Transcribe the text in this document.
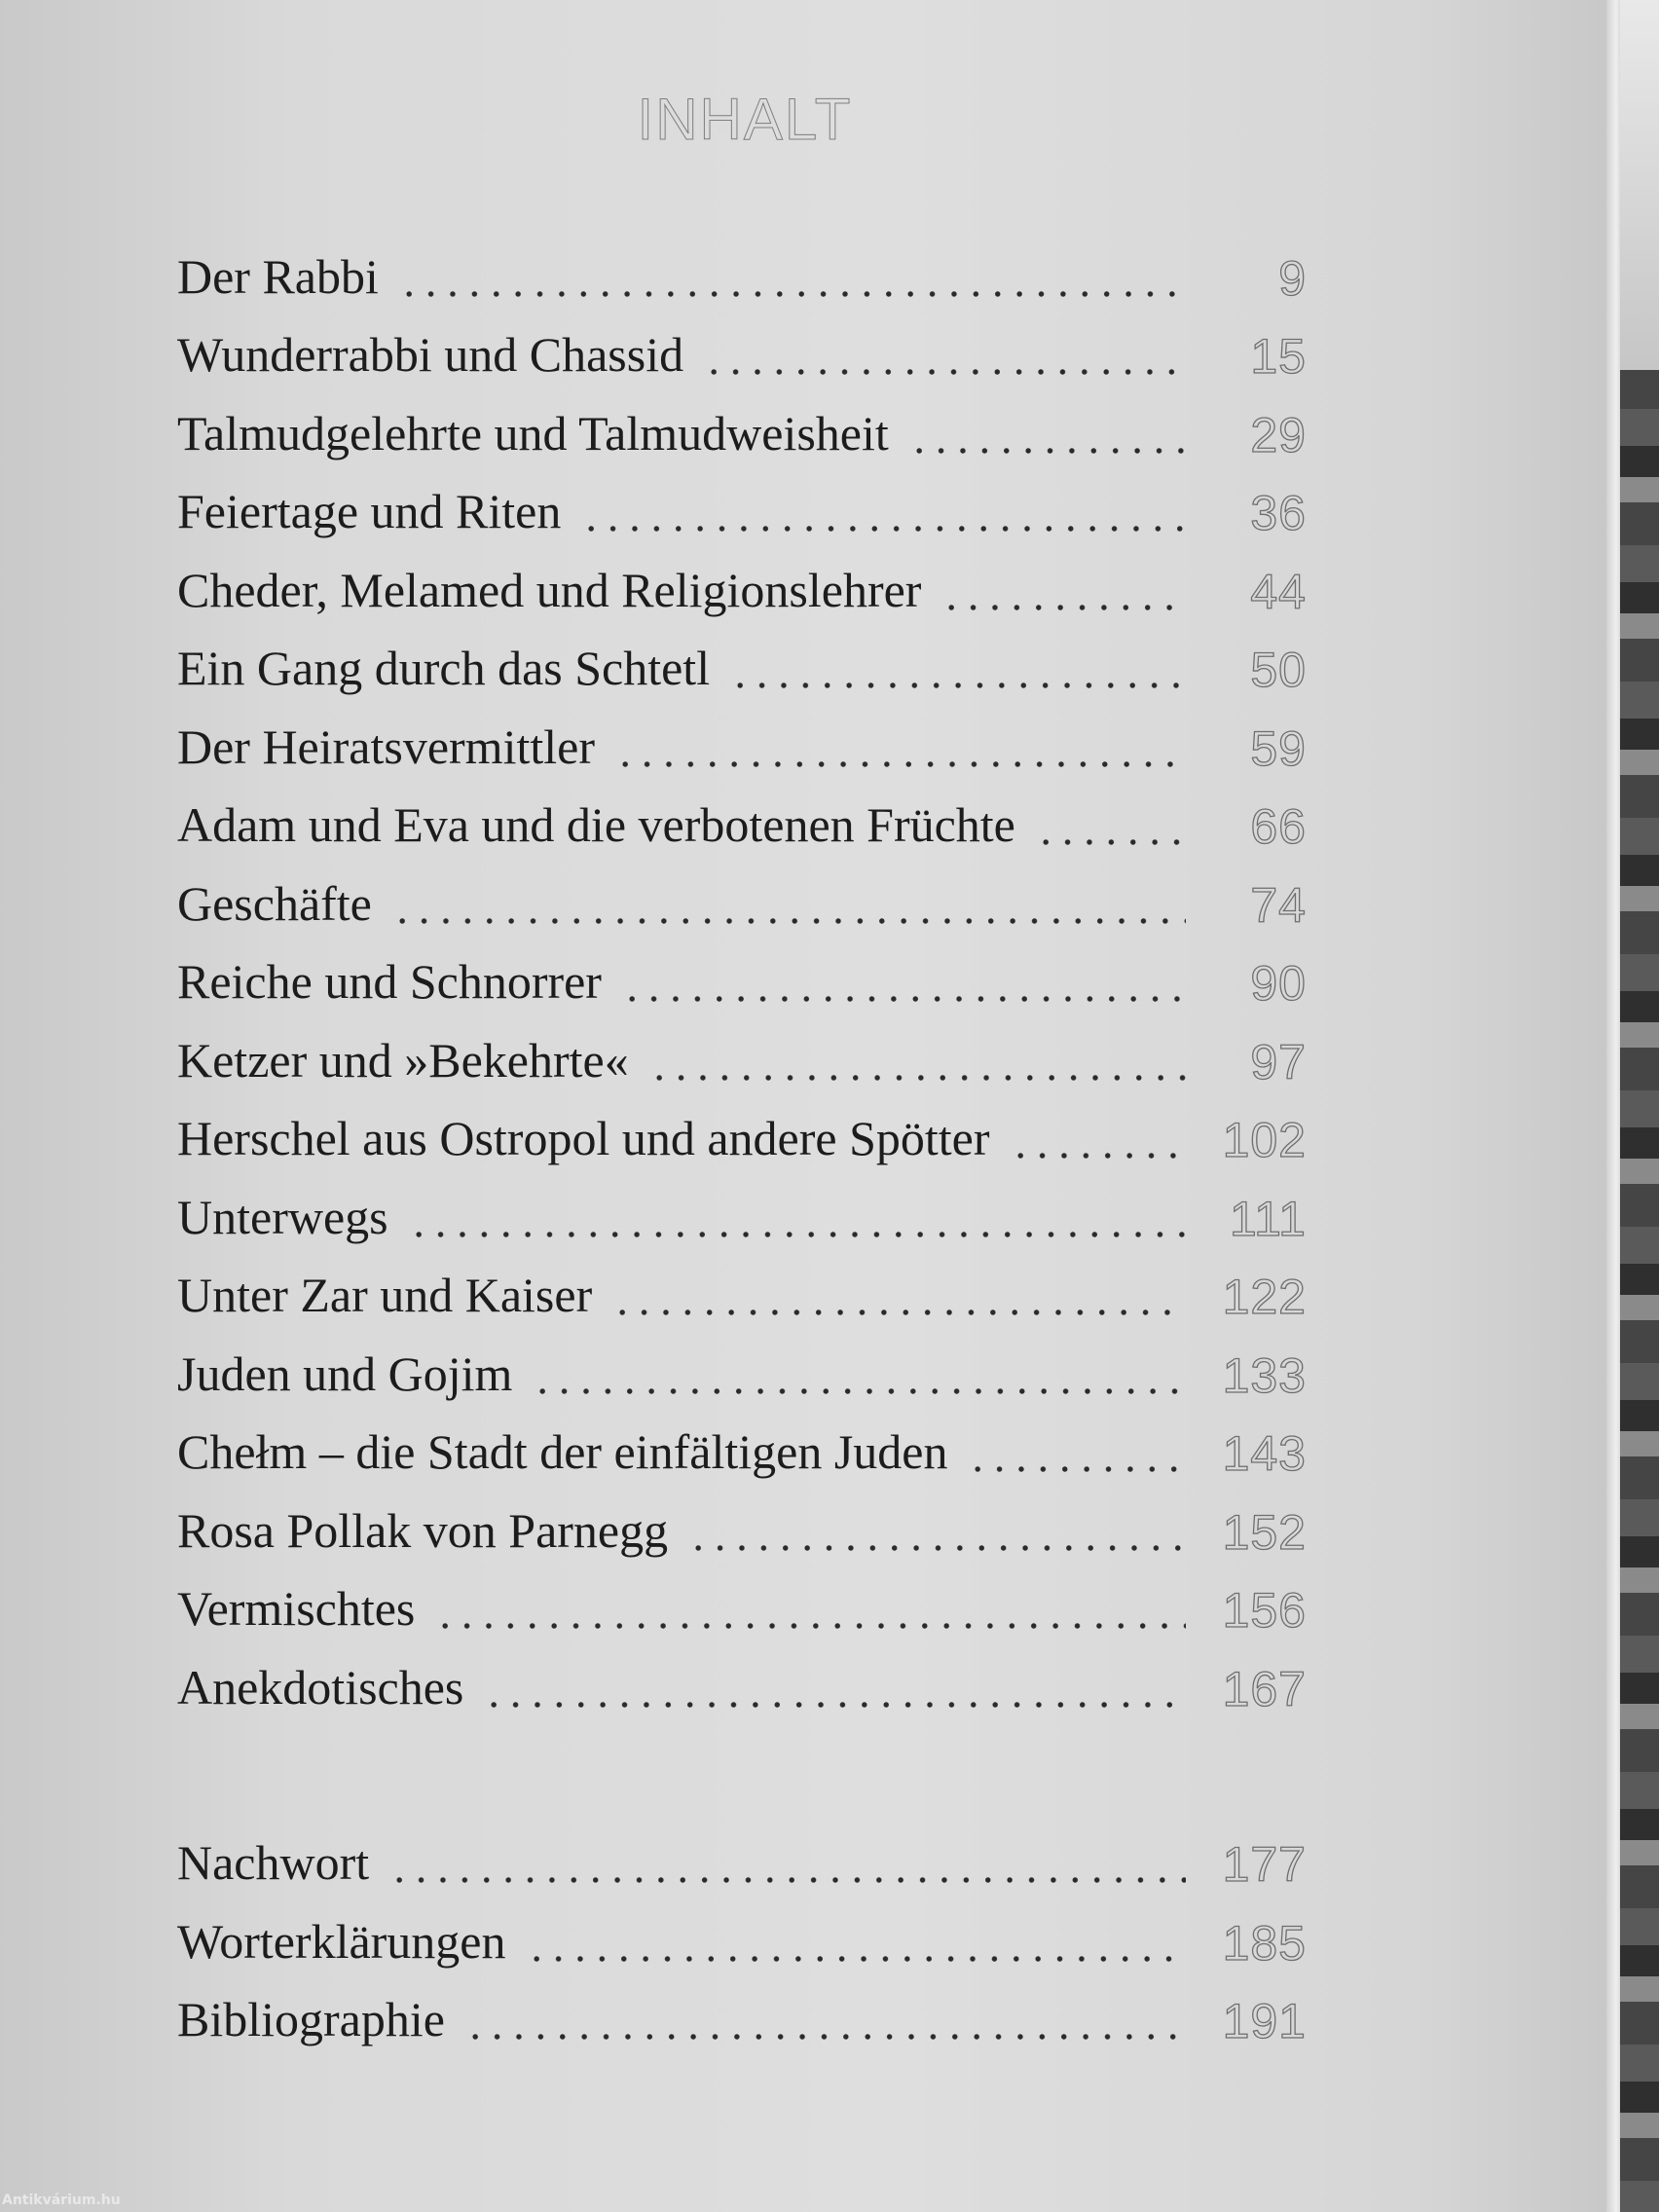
INHALT
Der Rabbi	9
Wunderrabbi und Chassid	15
Talmudgelehrte und Talmudweisheit	29
Feiertage und Riten	36
Cheder, Melamed und Religionslehrer	44
Ein Gang durch das Schtetl	50
Der Heiratsvermittler	59
Adam und Eva und die verbotenen Früchte	66
Geschäfte	74
Reiche und Schnorrer	90
Ketzer und »Bekehrte«	97
Herschel aus Ostropol und andere Spötter	102
Unterwegs	111
Unter Zar und Kaiser	122
Juden und Gojim	133
Chełm – die Stadt der einfältigen Juden	143
Rosa Pollak von Parnegg	152
Vermischtes	156
Anekdotisches	167
Nachwort	177
Worterklärungen	185
Bibliographie	191
Antikvárium.hu
